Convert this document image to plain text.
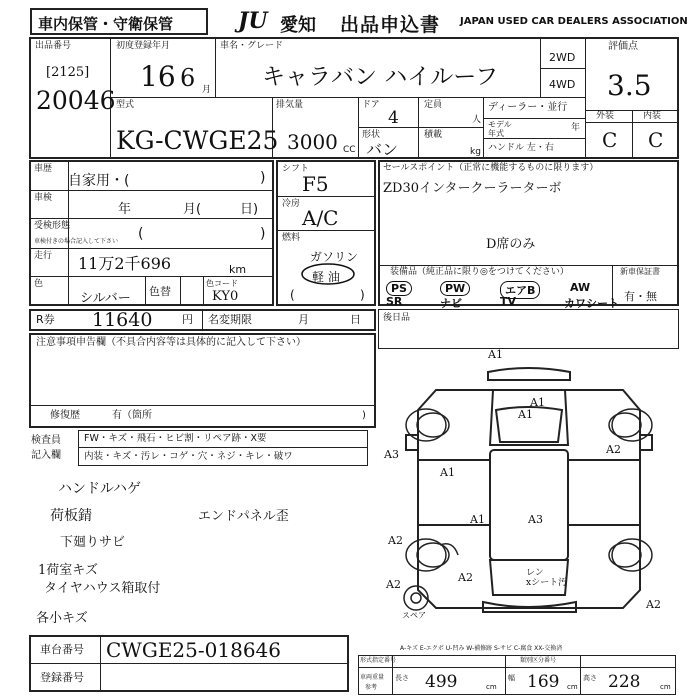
車内保管・守衛保管	JU 愛知 出品申込書 JAPAN USED CAR DEALERS ASSOCIATION
出品番号
[2125]
20046
初度登録年月
16 6 月
車名・グレード
キャラバン ハイルーフ
2WD
4WD
評価点
3.5
外装	内装
C C
型式
KG-CWGE25
排気量
3000 CC
ドア
4
定員
人
形状
バン
積載
kg
ディーラー・並行
モデル
年式
年
ハンドル 左・右
車歴
自家用・(	)
車検
年	月(	日)
受検形態
車検付きの場合記入して下さい (	)
走行 11万2千696	km
色
シルバー 色替
色コード
KY0
シフト
F5
冷房
A/C
燃料
ガソリン
軽 油
(	)
セールスポイント（正常に機能するものに限ります）
ZD30インタークーラーターボ
D席のみ
装備品（純正品に限り◎をつけてください）
PS	PW	エアB	AW
SR	ナビ	TV	カワシート
新車保証書
有・無
R券 11640	円 名変期限	月	日 後日品
注意事項申告欄（不具合内容等は具体的に記入して下さい）
修復歴	有（箇所	)
検査員
記入欄
FW・キズ・飛石・ヒビ割・リペア跡・X要
内装・キズ・汚レ・コゲ・穴・ネジ・キレ・破ワ
ハンドルハゲ
荷板錆
下廻りサビ
1荷室キズ
タイヤハウス箱取付
各小キズ
エンドパネル歪
車台番号 CWGE25-018646
登録番号
A1
A1
A3	A2
A2
A3
A1
A2
A1
A2
A1
A2
レン
xシート汚
スペア
A-キズ E-エクボ U-凹み W-補修跡 S-サビ C-腐食 XX-交換済
形式指定番号	類別区分番号
車両重量
参考
長さ 499	cm
幅 169 cm
高さ 228	cm
